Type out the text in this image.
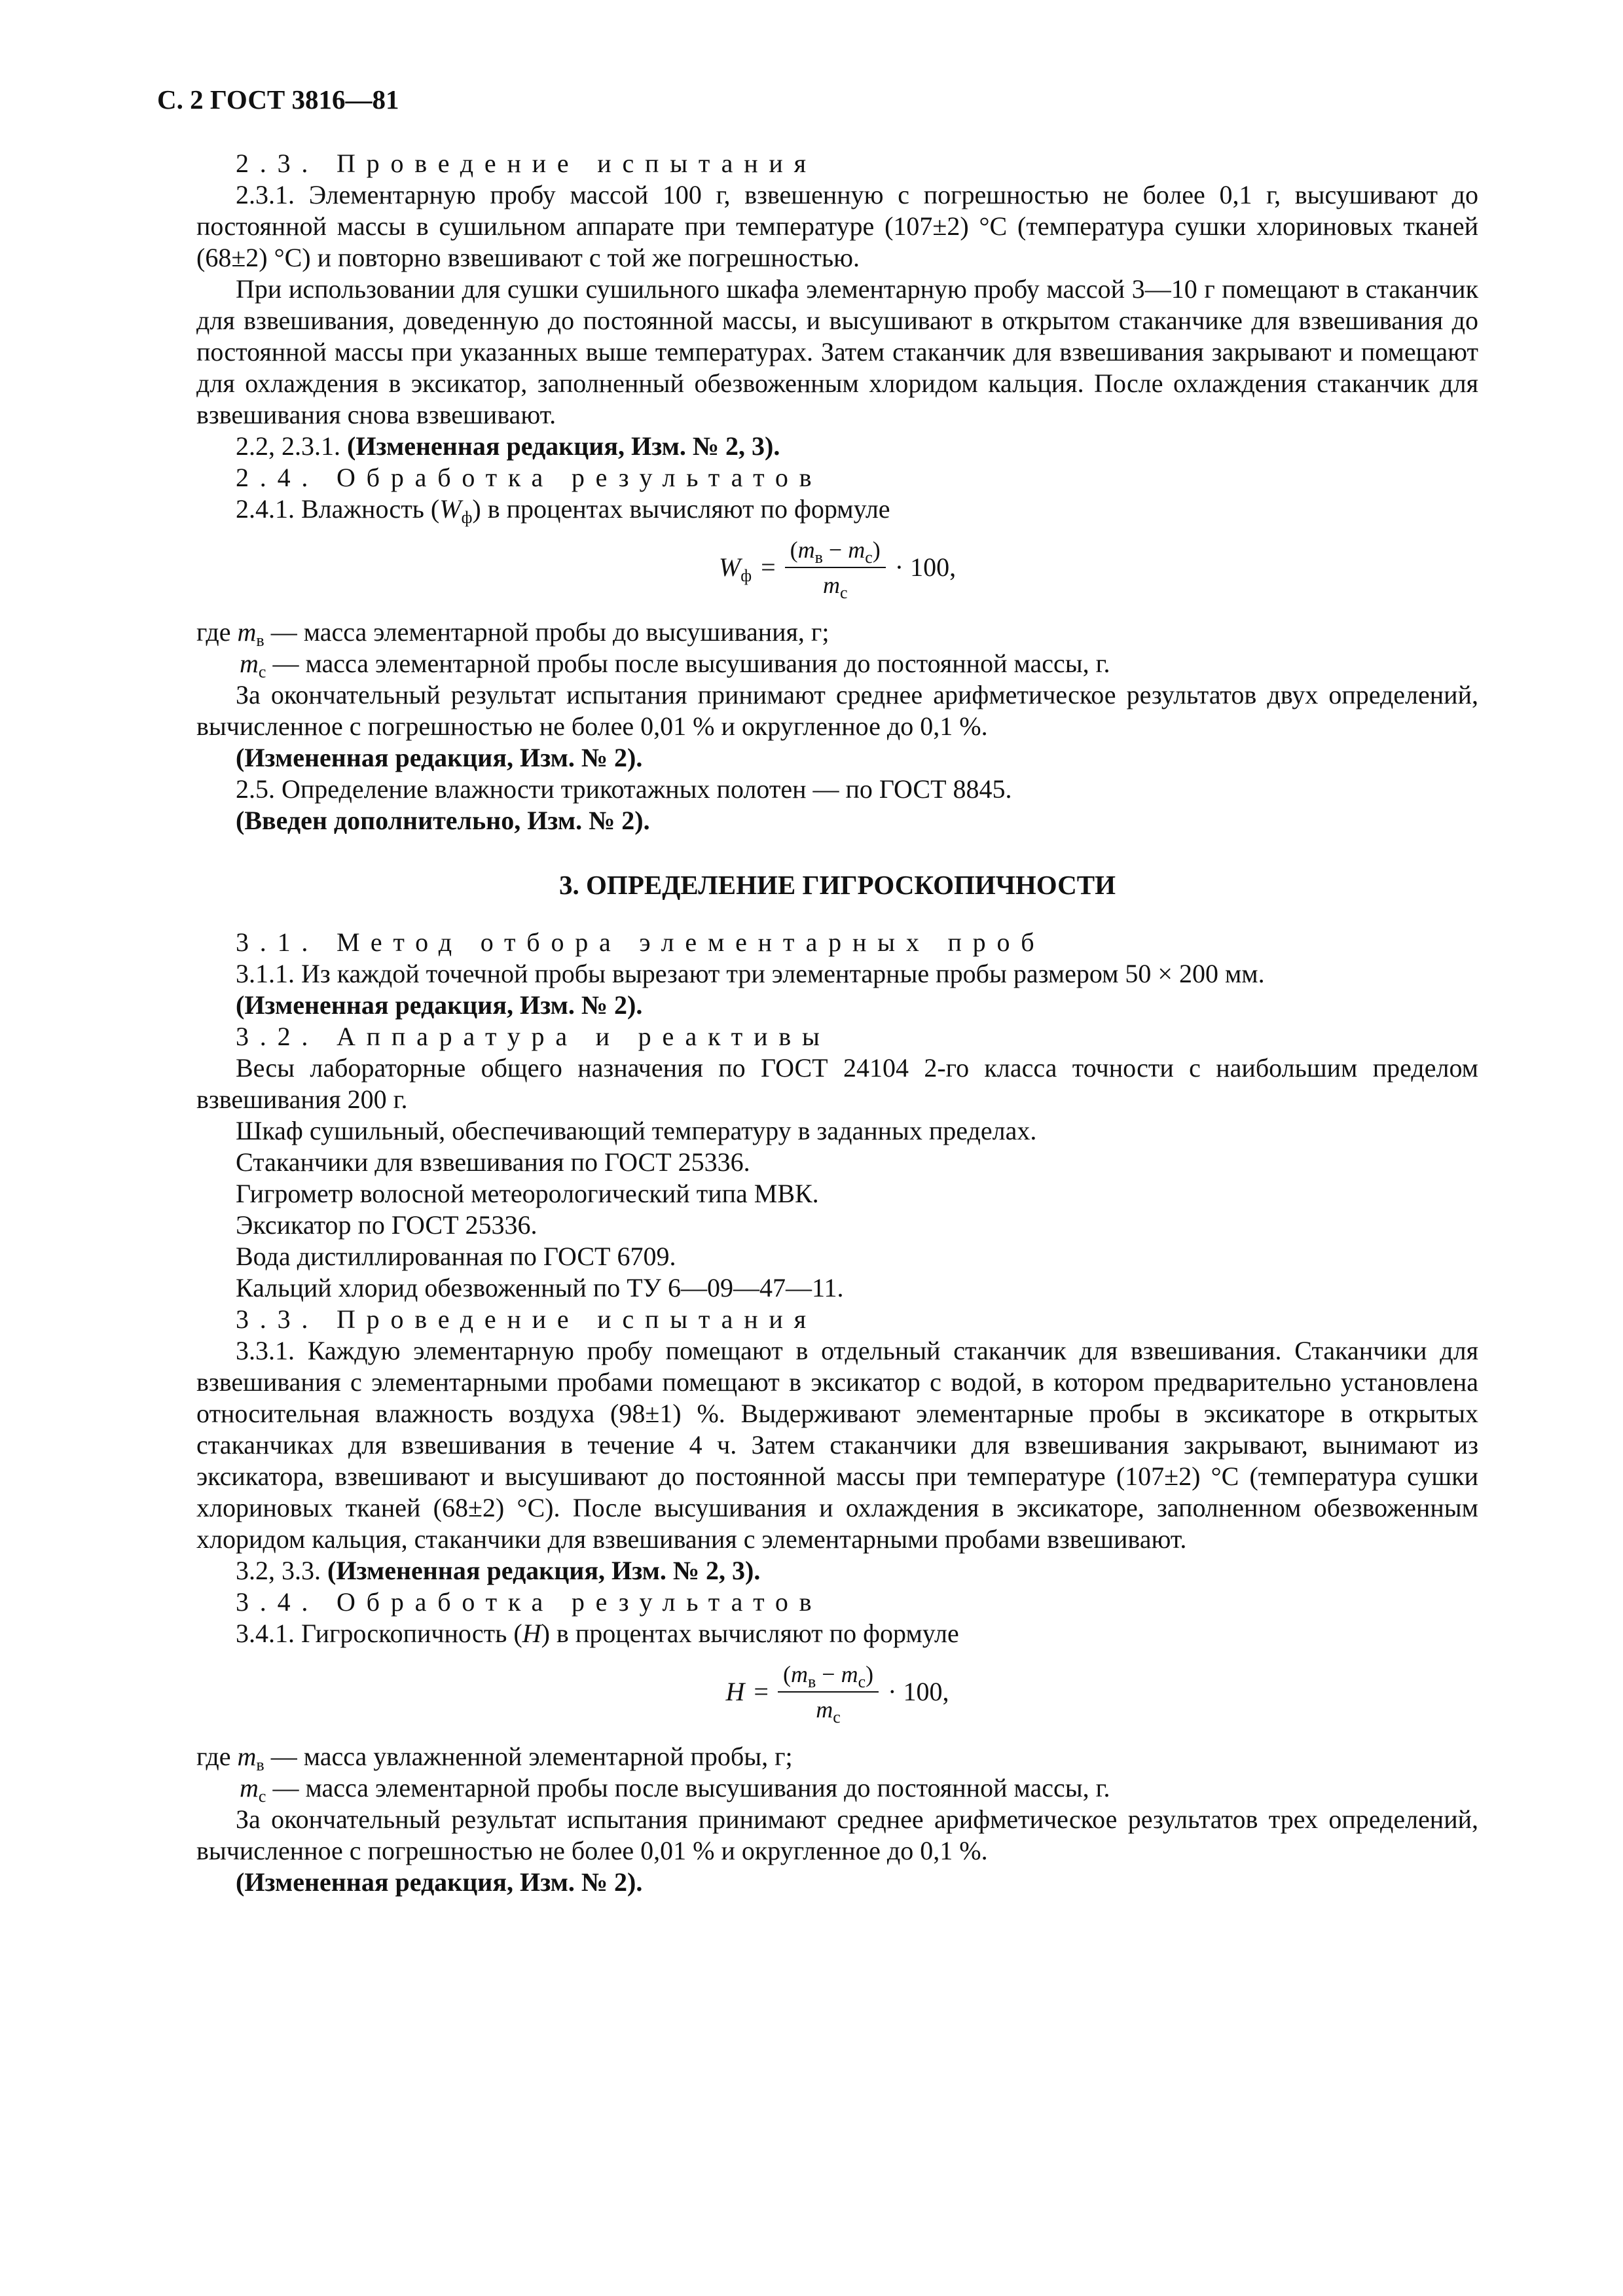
С. 2 ГОСТ 3816—81

2.3. Проведение испытания

2.3.1. Элементарную пробу массой 100 г, взвешенную с погрешностью не более 0,1 г, высушивают до постоянной массы в сушильном аппарате при температуре (107±2) °С (температура сушки хлориновых тканей (68±2) °С) и повторно взвешивают с той же погрешностью.

При использовании для сушки сушильного шкафа элементарную пробу массой 3—10 г помещают в стаканчик для взвешивания, доведенную до постоянной массы, и высушивают в открытом стаканчике для взвешивания до постоянной массы при указанных выше температурах. Затем стаканчик для взвешивания закрывают и помещают для охлаждения в эксикатор, заполненный обезвоженным хлоридом кальция. После охлаждения стаканчик для взвешивания снова взвешивают.

2.2, 2.3.1. (Измененная редакция, Изм. № 2, 3).

2.4. Обработка результатов

2.4.1. Влажность $(W_ф)$ в процентах вычисляют по формуле

$W_ф = \frac{(m_в - m_с)}{m_с} \cdot 100$,

где $m_в$ — масса элементарной пробы до высушивания, г;

$m_с$ — масса элементарной пробы после высушивания до постоянной массы, г.

За окончательный результат испытания принимают среднее арифметическое результатов двух определений, вычисленное с погрешностью не более 0,01 % и округленное до 0,1 %.

(Измененная редакция, Изм. № 2).

2.5. Определение влажности трикотажных полотен — по ГОСТ 8845.

(Введен дополнительно, Изм. № 2).

3. ОПРЕДЕЛЕНИЕ ГИГРОСКОПИЧНОСТИ

3.1. Метод отбора элементарных проб

3.1.1. Из каждой точечной пробы вырезают три элементарные пробы размером 50 × 200 мм.

(Измененная редакция, Изм. № 2).

3.2. Аппаратура и реактивы

Весы лабораторные общего назначения по ГОСТ 24104 2-го класса точности с наибольшим пределом взвешивания 200 г.

Шкаф сушильный, обеспечивающий температуру в заданных пределах.

Стаканчики для взвешивания по ГОСТ 25336.

Гигрометр волосной метеорологический типа МВК.

Эксикатор по ГОСТ 25336.

Вода дистиллированная по ГОСТ 6709.

Кальций хлорид обезвоженный по ТУ 6—09—47—11.

3.3. Проведение испытания

3.3.1. Каждую элементарную пробу помещают в отдельный стаканчик для взвешивания. Стаканчики для взвешивания с элементарными пробами помещают в эксикатор с водой, в котором предварительно установлена относительная влажность воздуха (98±1) %. Выдерживают элементарные пробы в эксикаторе в открытых стаканчиках для взвешивания в течение 4 ч. Затем стаканчики для взвешивания закрывают, вынимают из эксикатора, взвешивают и высушивают до постоянной массы при температуре (107±2) °С (температура сушки хлориновых тканей (68±2) °С). После высушивания и охлаждения в эксикаторе, заполненном обезвоженным хлоридом кальция, стаканчики для взвешивания с элементарными пробами взвешивают.

3.2, 3.3. (Измененная редакция, Изм. № 2, 3).

3.4. Обработка результатов

3.4.1. Гигроскопичность (H) в процентах вычисляют по формуле

$H = \frac{(m_в - m_с)}{m_с} \cdot 100$,

где $m_в$ — масса увлажненной элементарной пробы, г;

$m_с$ — масса элементарной пробы после высушивания до постоянной массы, г.

За окончательный результат испытания принимают среднее арифметическое результатов трех определений, вычисленное с погрешностью не более 0,01 % и округленное до 0,1 %.

(Измененная редакция, Изм. № 2).
